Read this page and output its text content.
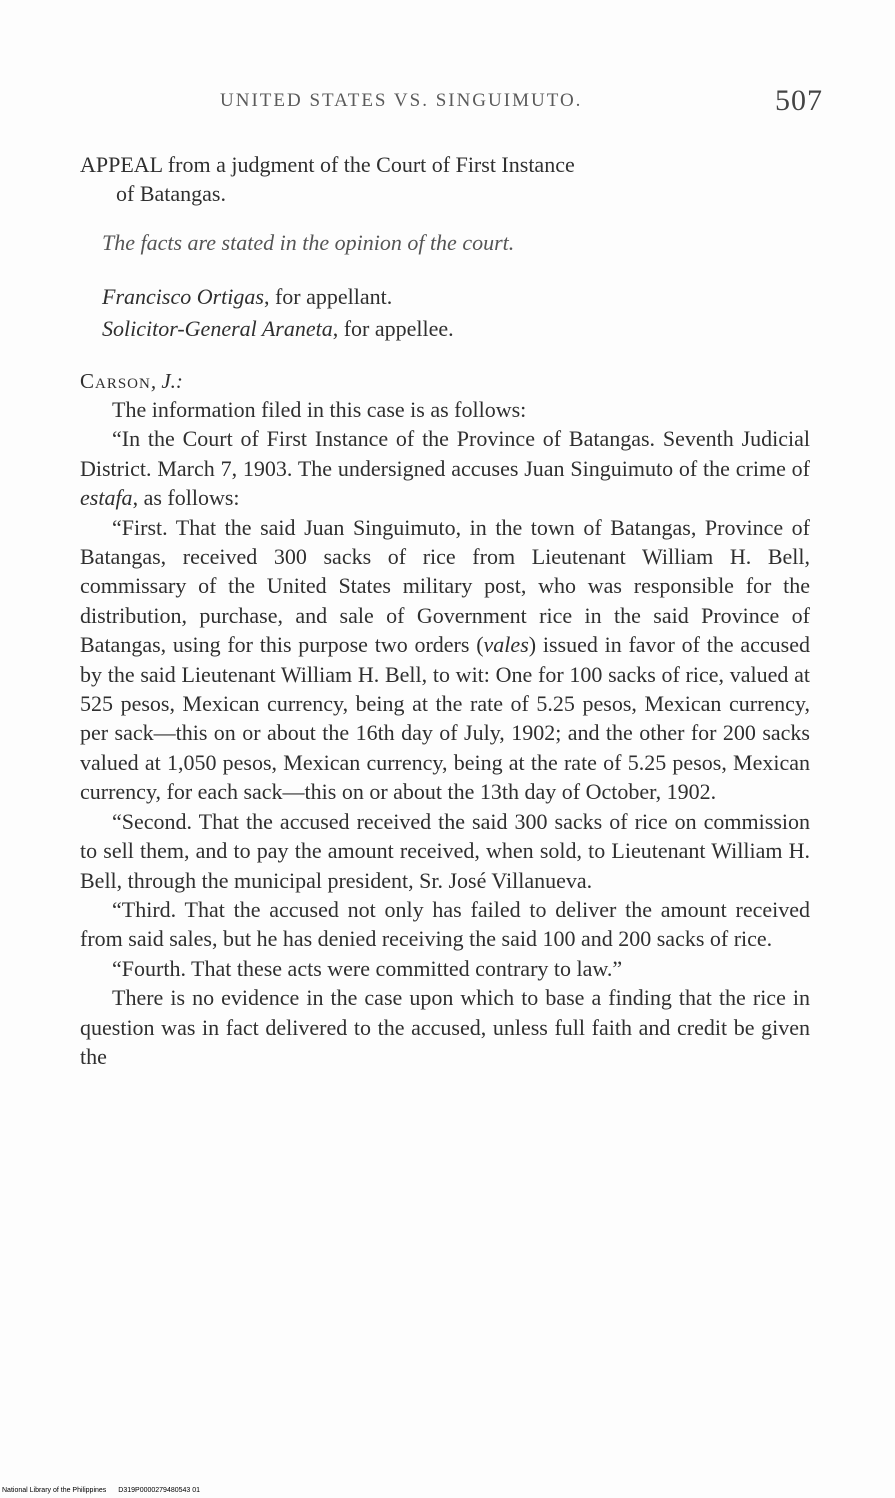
UNITED STATES VS. SINGUIMUTO.	507
APPEAL from a judgment of the Court of First Instance
of Batangas.
The facts are stated in the opinion of the court.
Francisco Ortigas, for appellant.
Solicitor-General Araneta, for appellee.
Carson, J.:

The information filed in this case is as follows:

“In the Court of First Instance of the Province of Batangas. Seventh Judicial District. March 7, 1903. The undersigned accuses Juan Singuimuto of the crime of estafa, as follows:

“First. That the said Juan Singuimuto, in the town of Batangas, Province of Batangas, received 300 sacks of rice from Lieutenant William H. Bell, commissary of the United States military post, who was responsible for the distribution, purchase, and sale of Government rice in the said Province of Batangas, using for this purpose two orders (vales) issued in favor of the accused by the said Lieutenant William H. Bell, to wit: One for 100 sacks of rice, valued at 525 pesos, Mexican currency, being at the rate of 5.25 pesos, Mexican currency, per sack—this on or about the 16th day of July, 1902; and the other for 200 sacks valued at 1,050 pesos, Mexican currency, being at the rate of 5.25 pesos, Mexican currency, for each sack—this on or about the 13th day of October, 1902.

“Second. That the accused received the said 300 sacks of rice on commission to sell them, and to pay the amount received, when sold, to Lieutenant William H. Bell, through the municipal president, Sr. José Villanueva.

“Third. That the accused not only has failed to deliver the amount received from said sales, but he has denied receiving the said 100 and 200 sacks of rice.

“Fourth. That these acts were committed contrary to law.”

There is no evidence in the case upon which to base a finding that the rice in question was in fact delivered to the accused, unless full faith and credit be given the

National Library of the Philippines D319P0000279480543 01
